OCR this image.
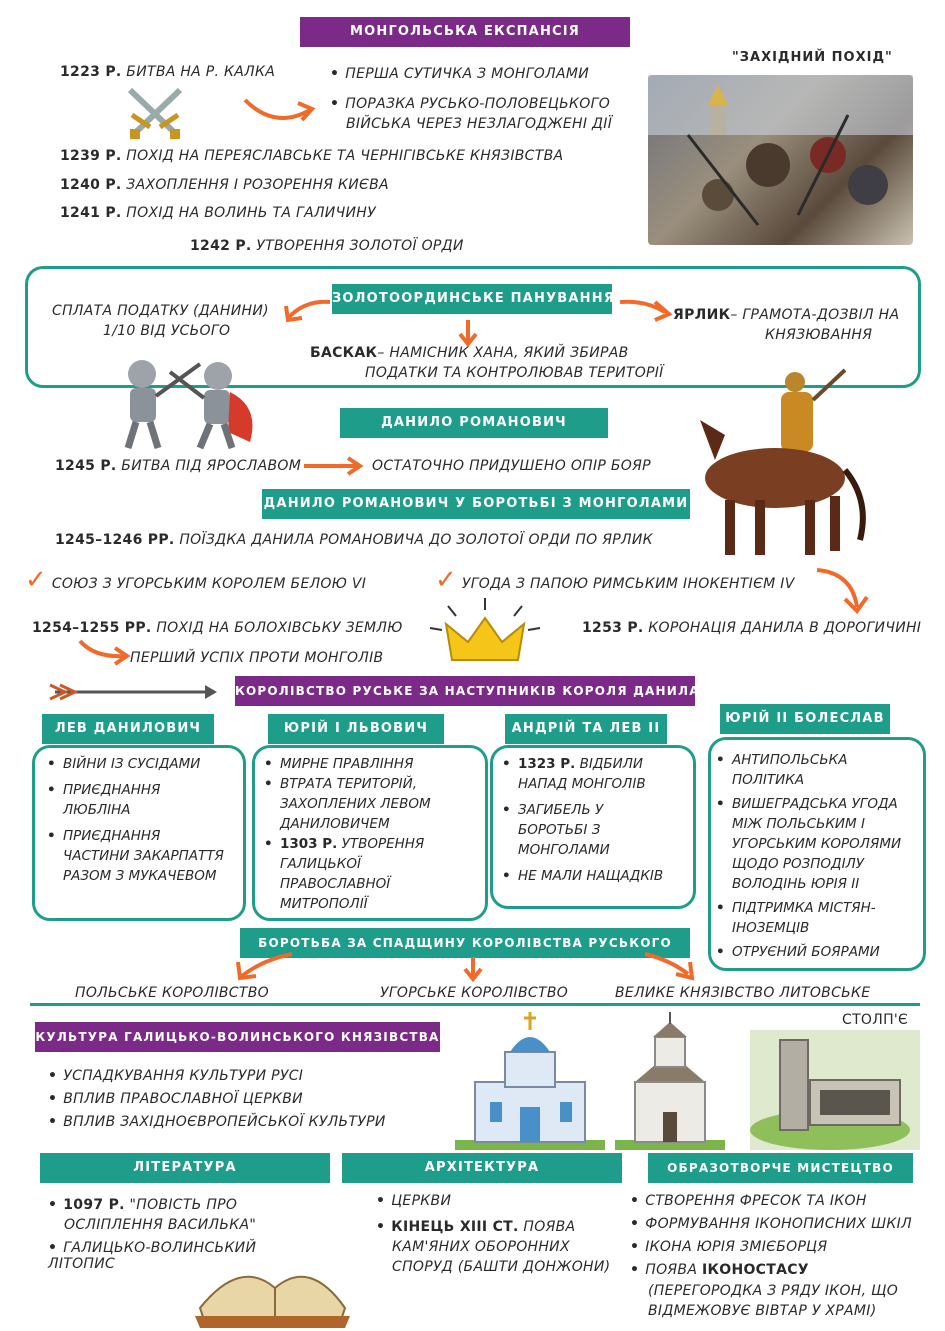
МОНГОЛЬСЬКА ЕКСПАНСІЯ
1223 Р. БИТВА НА Р. КАЛКА
•	ПЕРША СУТИЧКА З МОНГОЛАМИ
• ПОРАЗКА РУСЬКО-ПОЛОВЕЦЬКОГО
ВІЙСЬКА ЧЕРЕЗ НЕЗЛАГОДЖЕНІ ДІЇ
1239 Р. ПОХІД НА ПЕРЕЯСЛАВСЬКЕ ТА ЧЕРНІГІВСЬКЕ КНЯЗІВСТВА
1240 Р. ЗАХОПЛЕННЯ І РОЗОРЕННЯ КИЄВА
1241 Р. ПОХІД НА ВОЛИНЬ ТА ГАЛИЧИНУ
1242 Р. УТВОРЕННЯ ЗОЛОТОЇ ОРДИ
"ЗАХІДНИЙ ПОХІД"
ЗОЛОТООРДИНСЬКЕ ПАНУВАННЯ
СПЛАТА ПОДАТКУ (ДАНИНИ)
1/10 ВІД УСЬОГО
ЯРЛИК– ГРАМОТА-ДОЗВІЛ НА
КНЯЗЮВАННЯ
БАСКАК– НАМІСНИК ХАНА, ЯКИЙ ЗБИРАВ
ПОДАТКИ ТА КОНТРОЛЮВАВ ТЕРИТОРІЇ
ДАНИЛО РОМАНОВИЧ
1245 Р. БИТВА ПІД ЯРОСЛАВОМ	ОСТАТОЧНО ПРИДУШЕНО ОПІР БОЯР
ДАНИЛО РОМАНОВИЧ У БОРОТЬБІ З МОНГОЛАМИ
1245–1246 РР. ПОЇЗДКА ДАНИЛА РОМАНОВИЧА ДО ЗОЛОТОЇ ОРДИ ПО ЯРЛИК
✓ СОЮЗ З УГОРСЬКИМ КОРОЛЕМ БЕЛОЮ VI	✓ УГОДА З ПАПОЮ РИМСЬКИМ ІНОКЕНТІЄМ IV
1254–1255 РР. ПОХІД НА БОЛОХІВСЬКУ ЗЕМЛЮ
ПЕРШИЙ УСПІХ ПРОТИ МОНГОЛІВ
1253 Р. КОРОНАЦІЯ ДАНИЛА В ДОРОГИЧИНІ
КОРОЛІВСТВО РУСЬКЕ ЗА НАСТУПНИКІВ КОРОЛЯ ДАНИЛА
ЛЕВ ДАНИЛОВИЧ
• ВІЙНИ ІЗ СУСІДАМИ
• ПРИЄДНАННЯ ЛЮБЛІНА
• ПРИЄДНАННЯ ЧАСТИНИ ЗАКАРПАТТЯ РАЗОМ З МУКАЧЕВОМ
ЮРІЙ І ЛЬВОВИЧ
• МИРНЕ ПРАВЛІННЯ
• ВТРАТА ТЕРИТОРІЙ, ЗАХОПЛЕНИХ ЛЕВОМ ДАНИЛОВИЧЕМ
• 1303 Р. УТВОРЕННЯ ГАЛИЦЬКОЇ ПРАВОСЛАВНОЇ МИТРОПОЛІЇ
АНДРІЙ ТА ЛЕВ ІІ
• 1323 Р. ВІДБИЛИ НАПАД МОНГОЛІВ
• ЗАГИБЕЛЬ У БОРОТЬБІ З МОНГОЛАМИ
• НЕ МАЛИ НАЩАДКІВ
ЮРІЙ ІІ БОЛЕСЛАВ
• АНТИПОЛЬСЬКА ПОЛІТИКА
• ВИШЕГРАДСЬКА УГОДА МІЖ ПОЛЬСЬКИМ І УГОРСЬКИМ КОРОЛЯМИ ЩОДО РОЗПОДІЛУ ВОЛОДІНЬ ЮРІЯ ІІ
• ПІДТРИМКА МІСТЯН-ІНОЗЕМЦІВ
• ОТРУЄНИЙ БОЯРАМИ
БОРОТЬБА ЗА СПАДЩИНУ КОРОЛІВСТВА РУСЬКОГО
ПОЛЬСЬКЕ КОРОЛІВСТВО	УГОРСЬКЕ КОРОЛІВСТВО	ВЕЛИКЕ КНЯЗІВСТВО ЛИТОВСЬКЕ
КУЛЬТУРА ГАЛИЦЬКО-ВОЛИНСЬКОГО КНЯЗІВСТВА
• УСПАДКУВАННЯ КУЛЬТУРИ РУСІ
• ВПЛИВ ПРАВОСЛАВНОЇ ЦЕРКВИ
• ВПЛИВ ЗАХІДНОЄВРОПЕЙСЬКОЇ КУЛЬТУРИ
СТОЛП'Є
ЛІТЕРАТУРА
• 1097 Р. "ПОВІСТЬ ПРО
ОСЛІПЛЕННЯ ВАСИЛЬКА"
• ГАЛИЦЬКО-ВОЛИНСЬКИЙ ЛІТОПИС
АРХІТЕКТУРА
• ЦЕРКВИ
• КІНЕЦЬ XIII СТ. ПОЯВА
КАМ'ЯНИХ ОБОРОННИХ
СПОРУД (БАШТИ ДОНЖОНИ)
ОБРАЗОТВОРЧЕ МИСТЕЦТВО
• СТВОРЕННЯ ФРЕСОК ТА ІКОН
• ФОРМУВАННЯ ІКОНОПИСНИХ ШКІЛ
• ІКОНА ЮРІЯ ЗМІЄБОРЦЯ
• ПОЯВА ІКОНОСТАСУ
(ПЕРЕГОРОДКА З РЯДУ ІКОН, ЩО
ВІДМЕЖОВУЄ ВІВТАР У ХРАМІ)
